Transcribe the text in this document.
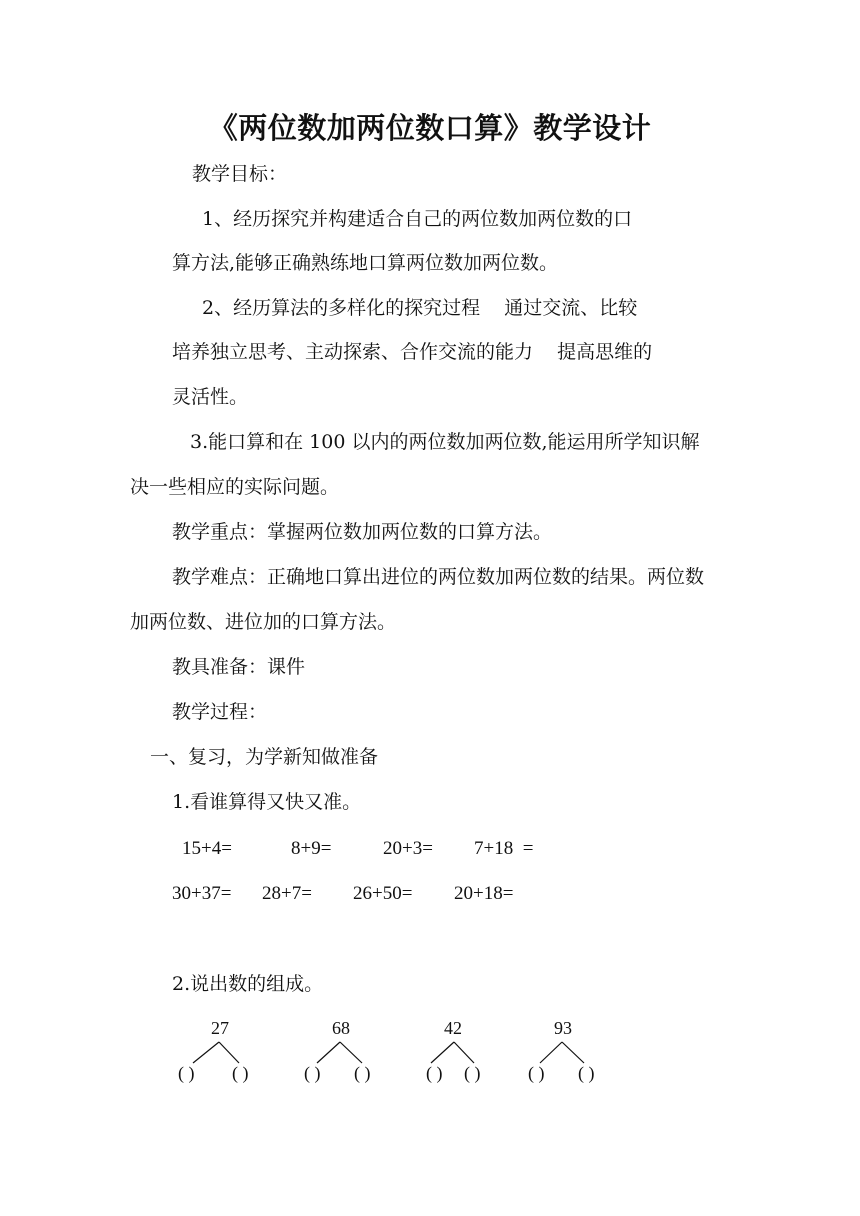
《两位数加两位数口算》教学设计
教学目标：
1、经历探究并构建适合自己的两位数加两位数的口
算方法,能够正确熟练地口算两位数加两位数。
2、经历算法的多样化的探究过程    通过交流、比较
培养独立思考、主动探索、合作交流的能力    提高思维的
灵活性。
3.能口算和在 100 以内的两位数加两位数,能运用所学知识解
决一些相应的实际问题。
教学重点：掌握两位数加两位数的口算方法。
教学难点：正确地口算出进位的两位数加两位数的结果。两位数
加两位数、进位加的口算方法。
教具准备：课件
教学过程：
一、复习，为学新知做准备
1.看谁算得又快又准。
15+4=	8+9=	20+3= 7+18  =
30+37= 28+7= 26+50= 20+18=
2.说出数的组成。
27
( ) ( )
68
( ) ( )
42
( ) ( )
93
( ) ( )
